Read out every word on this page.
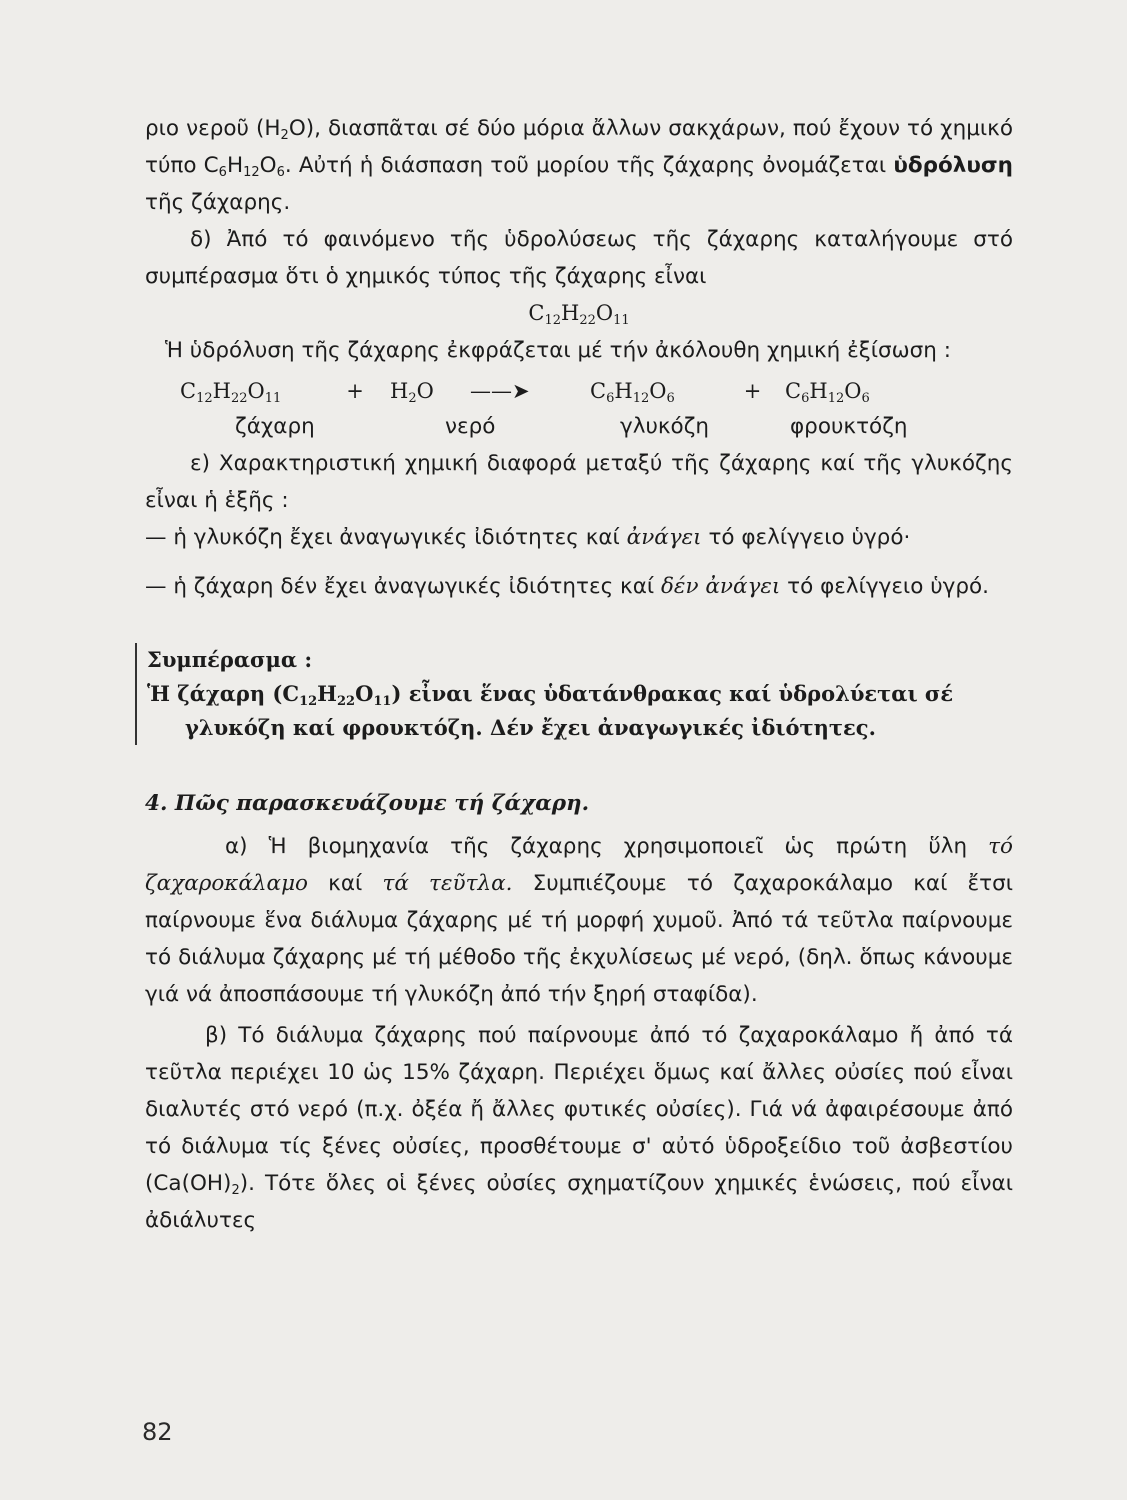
ριο νεροῦ $(H_2O)$, διασπᾶται σέ δύο μόρια ἄλλων σακχάρων, πού ἔχουν τό χημικό τύπο $C_6H_{12}O_6$. Αὐτή ἡ διάσπαση τοῦ μορίου τῆς ζάχαρης ὀνομάζεται ὑδρόλυση τῆς ζάχαρης.

δ) Ἀπό τό φαινόμενο τῆς ὑδρολύσεως τῆς ζάχαρης καταλήγουμε στό συμπέρασμα ὅτι ὁ χημικός τύπος τῆς ζάχαρης εἶναι

$C_{12}H_{22}O_{11}$

Ἡ ὑδρόλυση τῆς ζάχαρης ἐκφράζεται μέ τήν ἀκόλουθη χημική ἐξίσωση :

$C_{12}H_{22}O_{11}$	+	$H_2O$	——➤	$C_6H_{12}O_6$	+	$C_6H_{12}O_6$
ζάχαρη	νερό	γλυκόζη	φρουκτόζη

ε) Χαρακτηριστική χημική διαφορά μεταξύ τῆς ζάχαρης καί τῆς γλυκόζης εἶναι ἡ ἑξῆς :

— ἡ γλυκόζη ἔχει ἀναγωγικές ἰδιότητες καί ἀνάγει τό φελίγγειο ὑγρό·

— ἡ ζάχαρη δέν ἔχει ἀναγωγικές ἰδιότητες καί δέν ἀνάγει τό φελίγγειο ὑγρό.

Συμπέρασμα :
Ἡ ζάχαρη $(C_{12}H_{22}O_{11})$ εἶναι ἕνας ὑδατάνθρακας καί ὑδρολύεται σέ γλυκόζη καί φρουκτόζη. Δέν ἔχει ἀναγωγικές ἰδιότητες.
4. Πῶς παρασκευάζουμε τή ζάχαρη.

α) Ἡ βιομηχανία τῆς ζάχαρης χρησιμοποιεῖ ὡς πρώτη ὕλη τό ζαχαροκάλαμο καί τά τεῦτλα. Συμπιέζουμε τό ζαχαροκάλαμο καί ἔτσι παίρνουμε ἕνα διάλυμα ζάχαρης μέ τή μορφή χυμοῦ. Ἀπό τά τεῦτλα παίρνουμε τό διάλυμα ζάχαρης μέ τή μέθοδο τῆς ἐκχυλίσεως μέ νερό, (δηλ. ὅπως κάνουμε γιά νά ἀποσπάσουμε τή γλυκόζη ἀπό τήν ξηρή σταφίδα).

β) Τό διάλυμα ζάχαρης πού παίρνουμε ἀπό τό ζαχαροκάλαμο ἤ ἀπό τά τεῦτλα περιέχει 10 ὡς 15% ζάχαρη. Περιέχει ὅμως καί ἄλλες οὐσίες πού εἶναι διαλυτές στό νερό (π.χ. ὀξέα ἤ ἄλλες φυτικές οὐσίες). Γιά νά ἀφαιρέσουμε ἀπό τό διάλυμα τίς ξένες οὐσίες, προσθέτουμε σ' αὐτό ὑδροξείδιο τοῦ ἀσβεστίου $(Ca(OH)_2)$. Τότε ὅλες οἱ ξένες οὐσίες σχηματίζουν χημικές ἑνώσεις, πού εἶναι ἀδιάλυτες

82
